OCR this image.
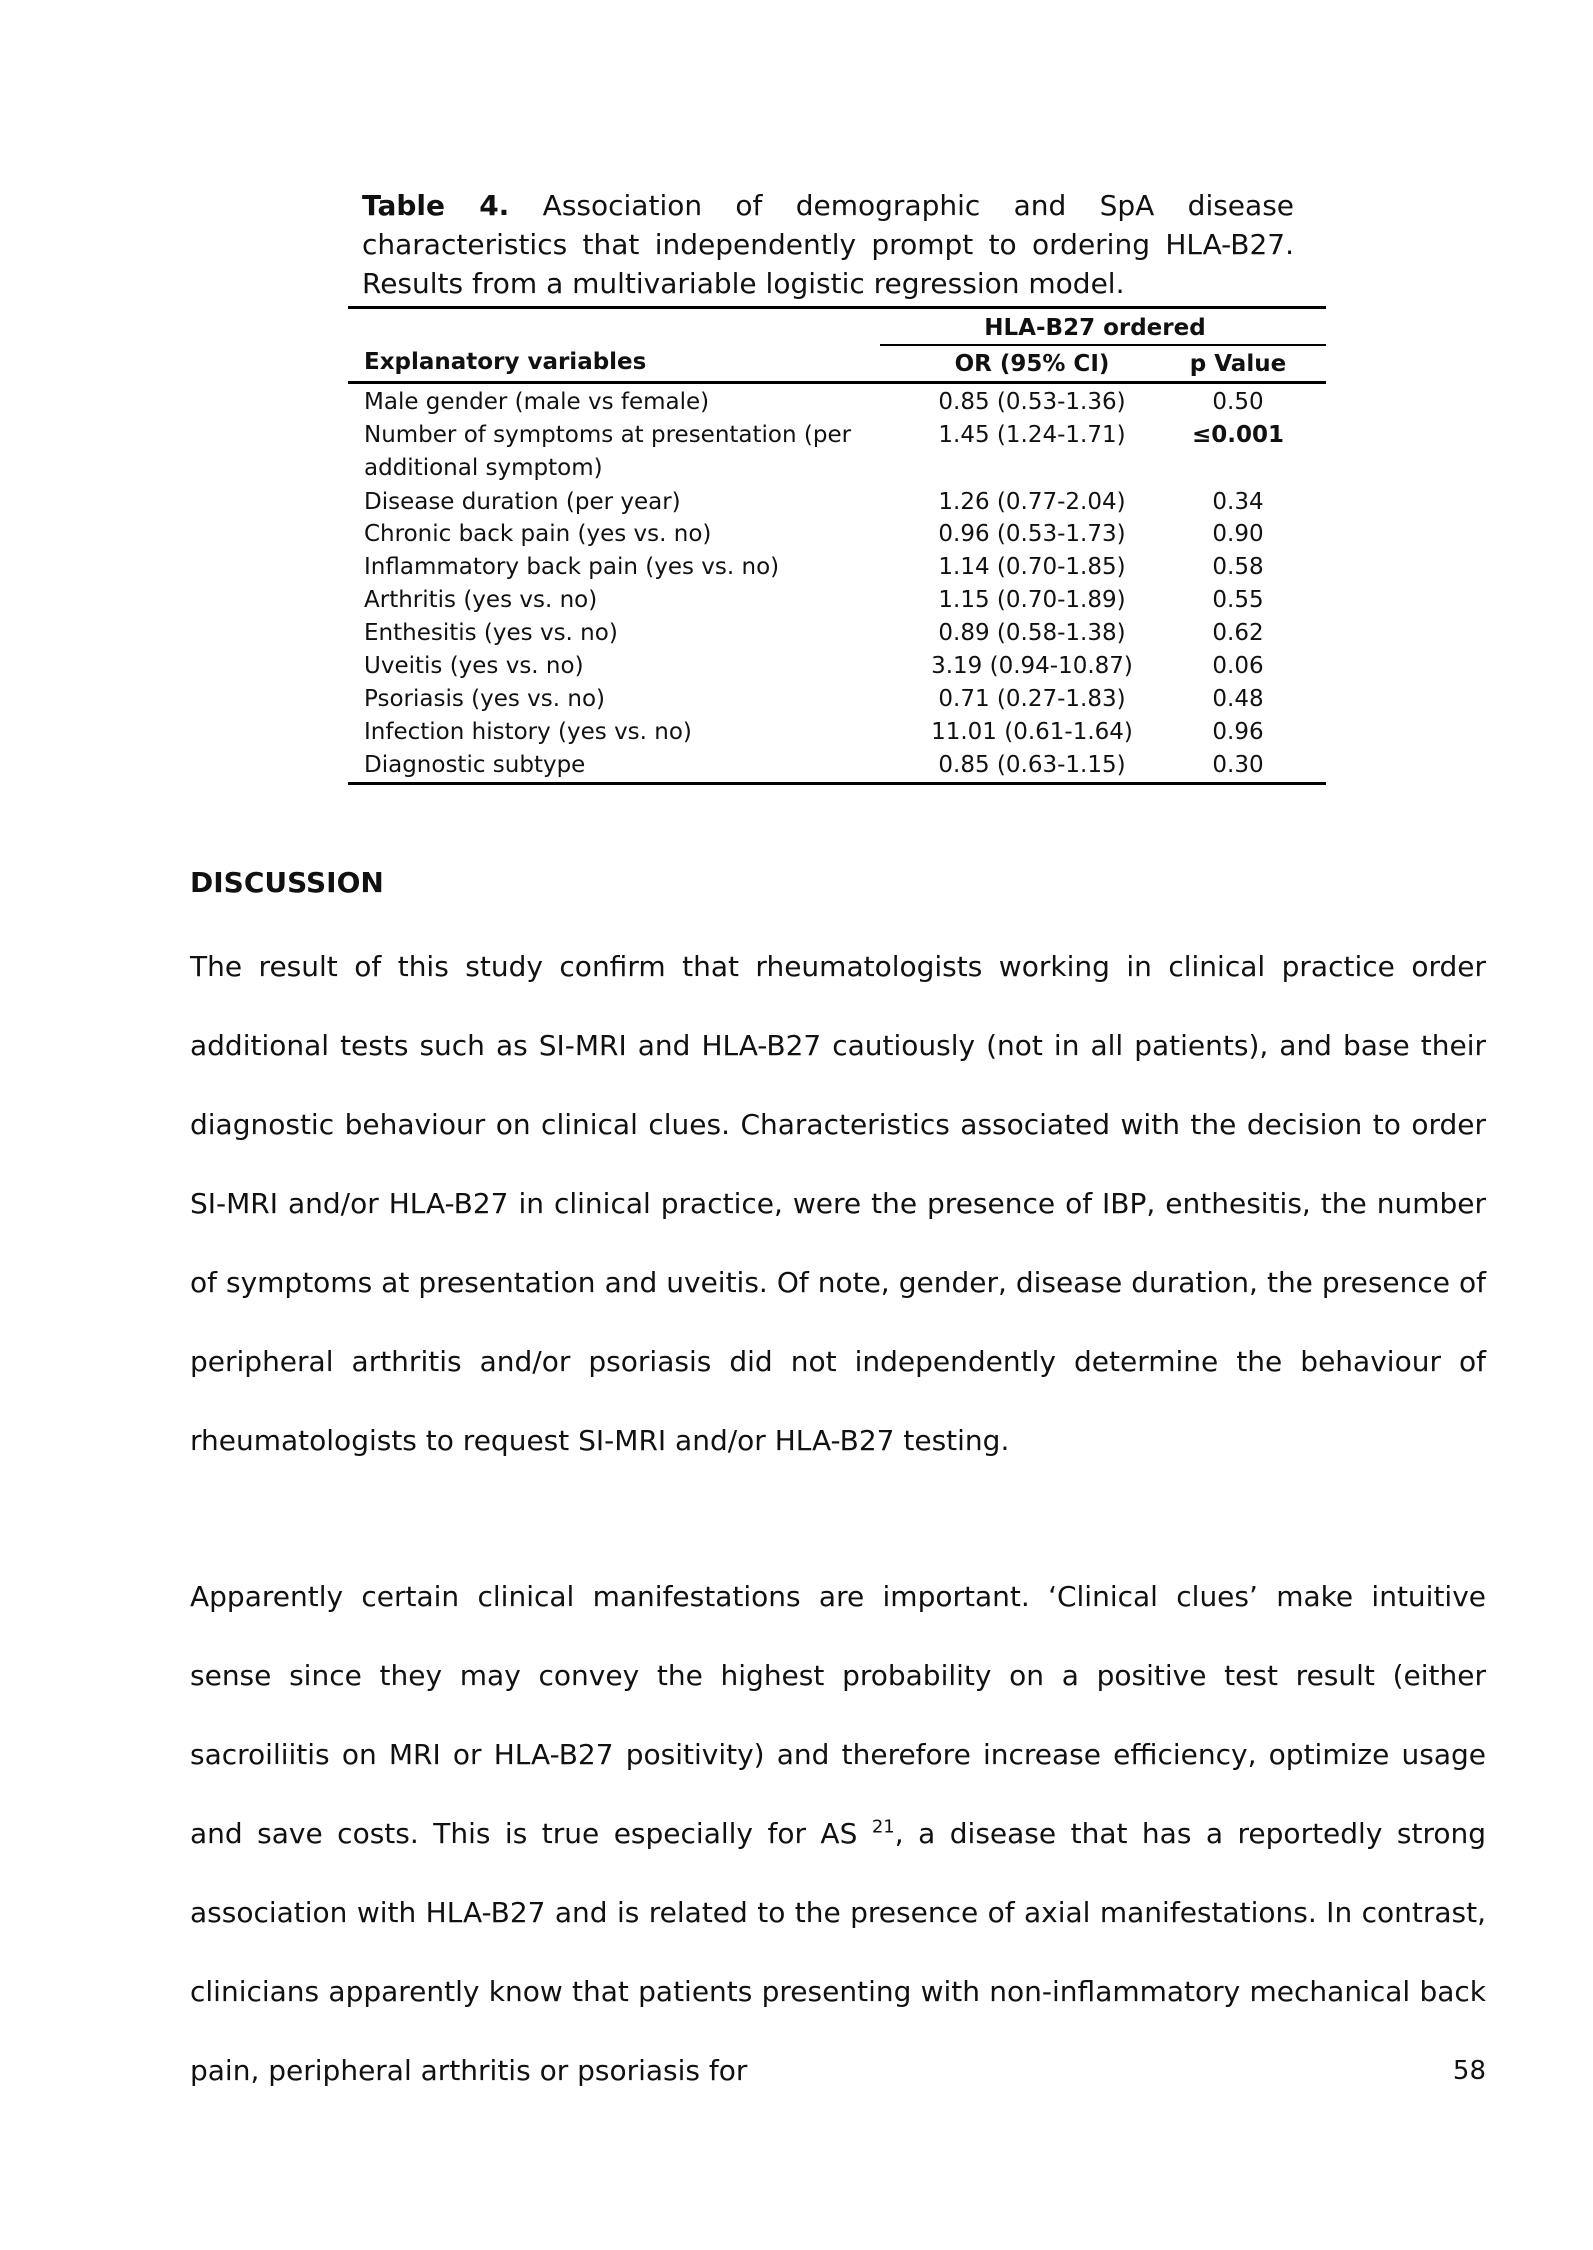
Table 4. Association of demographic and SpA disease characteristics that independently prompt to ordering HLA-B27. Results from a multivariable logistic regression model.
HLA-B27 ordered
Explanatory variables	OR (95% CI)	p Value
Male gender (male vs female)	0.85 (0.53-1.36)	0.50
Number of symptoms at presentation (per
additional symptom)
1.45 (1.24-1.71)	≤0.001
Disease duration (per year)	1.26 (0.77-2.04)	0.34
Chronic back pain (yes vs. no)	0.96 (0.53-1.73)	0.90
Inflammatory back pain (yes vs. no)	1.14 (0.70-1.85)	0.58
Arthritis (yes vs. no)	1.15 (0.70-1.89)	0.55
Enthesitis (yes vs. no)	0.89 (0.58-1.38)	0.62
Uveitis (yes vs. no)	3.19 (0.94-10.87)	0.06
Psoriasis (yes vs. no)	0.71 (0.27-1.83)	0.48
Infection history (yes vs. no)	11.01 (0.61-1.64)	0.96
Diagnostic subtype	0.85 (0.63-1.15)	0.30
DISCUSSION

The result of this study confirm that rheumatologists working in clinical practice order additional tests such as SI-MRI and HLA-B27 cautiously (not in all patients), and base their diagnostic behaviour on clinical clues. Characteristics associated with the decision to order SI-MRI and/or HLA-B27 in clinical practice, were the presence of IBP, enthesitis, the number of symptoms at presentation and uveitis. Of note, gender, disease duration, the presence of peripheral arthritis and/or psoriasis did not independently determine the behaviour of rheumatologists to request SI-MRI and/or HLA-B27 testing.

Apparently certain clinical manifestations are important. ‘Clinical clues’ make intuitive sense since they may convey the highest probability on a positive test result (either sacroiliitis on MRI or HLA-B27 positivity) and therefore increase efficiency, optimize usage and save costs. This is true especially for AS $^{21}$, a disease that has a reportedly strong association with HLA-B27 and is related to the presence of axial manifestations. In contrast, clinicians apparently know that patients presenting with non-inflammatory mechanical back pain, peripheral arthritis or psoriasis for	58
